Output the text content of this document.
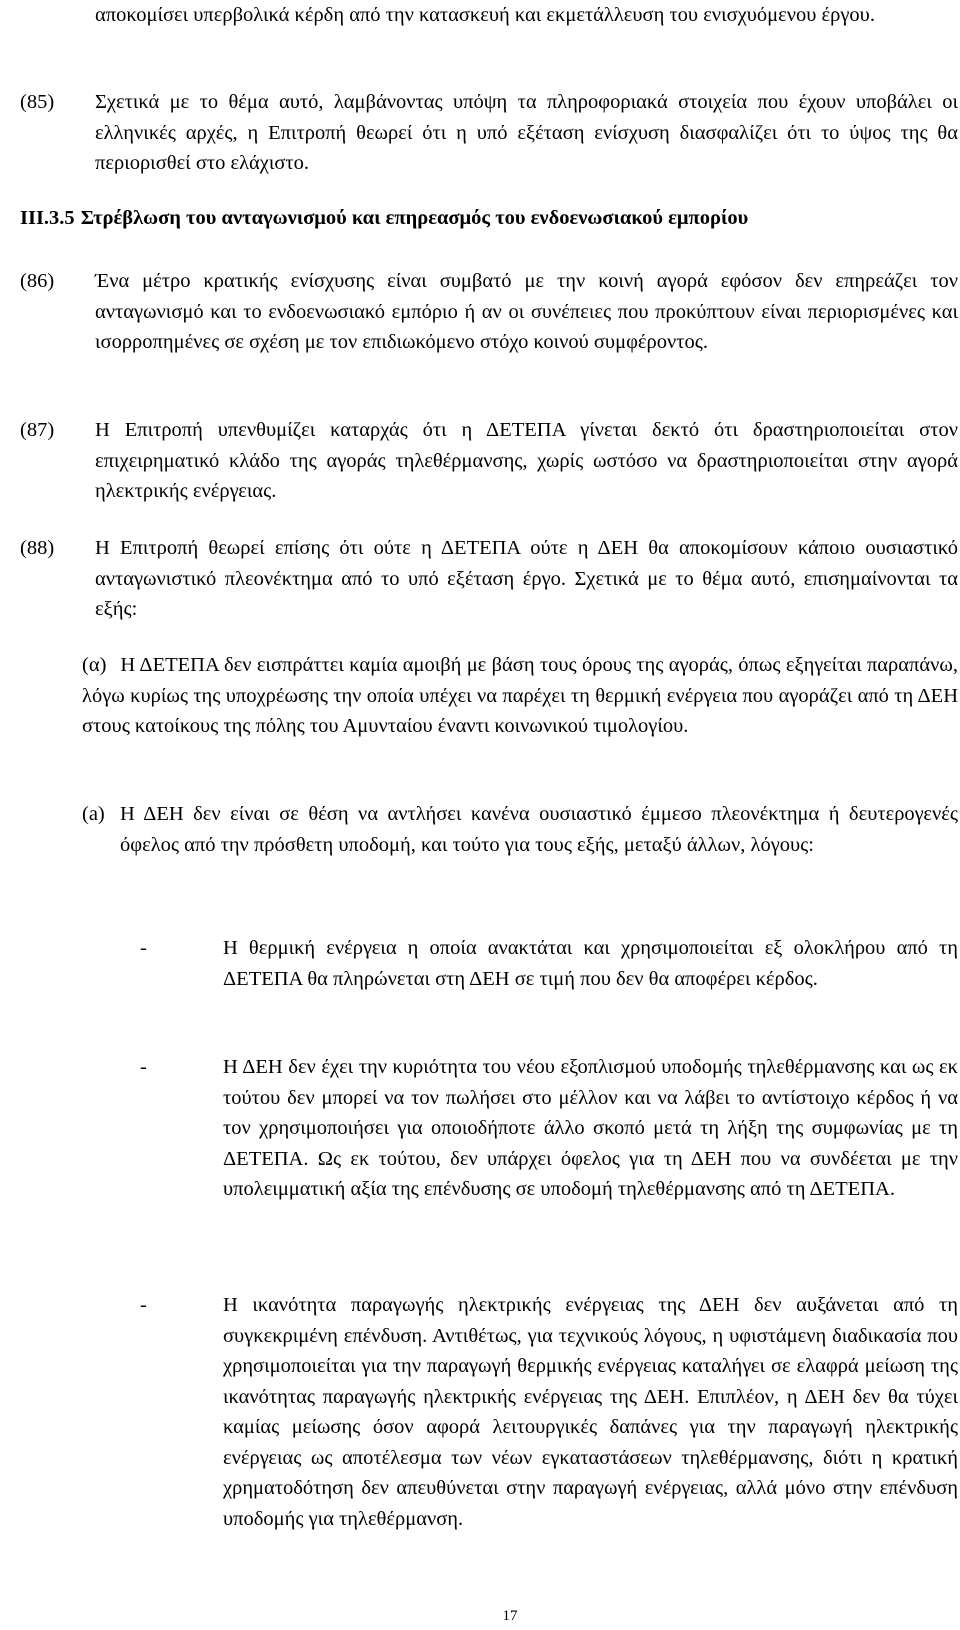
αποκομίσει υπερβολικά κέρδη από την κατασκευή και εκμετάλλευση του ενισχυόμενου έργου.
(85) Σχετικά με το θέμα αυτό, λαμβάνοντας υπόψη τα πληροφοριακά στοιχεία που έχουν υποβάλει οι ελληνικές αρχές, η Επιτροπή θεωρεί ότι η υπό εξέταση ενίσχυση διασφαλίζει ότι το ύψος της θα περιορισθεί στο ελάχιστο.
III.3.5 Στρέβλωση του ανταγωνισμού και επηρεασμός του ενδοενωσιακού εμπορίου
(86) Ένα μέτρο κρατικής ενίσχυσης είναι συμβατό με την κοινή αγορά εφόσον δεν επηρεάζει τον ανταγωνισμό και το ενδοενωσιακό εμπόριο ή αν οι συνέπειες που προκύπτουν είναι περιορισμένες και ισορροπημένες σε σχέση με τον επιδιωκόμενο στόχο κοινού συμφέροντος.
(87) Η Επιτροπή υπενθυμίζει καταρχάς ότι η ΔΕΤΕΠΑ γίνεται δεκτό ότι δραστηριοποιείται στον επιχειρηματικό κλάδο της αγοράς τηλεθέρμανσης, χωρίς ωστόσο να δραστηριοποιείται στην αγορά ηλεκτρικής ενέργειας.
(88) Η Επιτροπή θεωρεί επίσης ότι ούτε η ΔΕΤΕΠΑ ούτε η ΔΕΗ θα αποκομίσουν κάποιο ουσιαστικό ανταγωνιστικό πλεονέκτημα από το υπό εξέταση έργο. Σχετικά με το θέμα αυτό, επισημαίνονται τα εξής:

(α) Η ΔΕΤΕΠΑ δεν εισπράττει καμία αμοιβή με βάση τους όρους της αγοράς, όπως εξηγείται παραπάνω, λόγω κυρίως της υποχρέωσης την οποία υπέχει να παρέχει τη θερμική ενέργεια που αγοράζει από τη ΔΕΗ στους κατοίκους της πόλης του Αμυνταίου έναντι κοινωνικού τιμολογίου.

(a) Η ΔΕΗ δεν είναι σε θέση να αντλήσει κανένα ουσιαστικό έμμεσο πλεονέκτημα ή δευτερογενές όφελος από την πρόσθετη υποδομή, και τούτο για τους εξής, μεταξύ άλλων, λόγους:

-	Η θερμική ενέργεια η οποία ανακτάται και χρησιμοποιείται εξ ολοκλήρου από τη ΔΕΤΕΠΑ θα πληρώνεται στη ΔΕΗ σε τιμή που δεν θα αποφέρει κέρδος.
-	Η ΔΕΗ δεν έχει την κυριότητα του νέου εξοπλισμού υποδομής τηλεθέρμανσης και ως εκ τούτου δεν μπορεί να τον πωλήσει στο μέλλον και να λάβει το αντίστοιχο κέρδος ή να τον χρησιμοποιήσει για οποιοδήποτε άλλο σκοπό μετά τη λήξη της συμφωνίας με τη ΔΕΤΕΠΑ. Ως εκ τούτου, δεν υπάρχει όφελος για τη ΔΕΗ που να συνδέεται με την υπολειμματική αξία της επένδυσης σε υποδομή τηλεθέρμανσης από τη ΔΕΤΕΠΑ.
-	Η ικανότητα παραγωγής ηλεκτρικής ενέργειας της ΔΕΗ δεν αυξάνεται από τη συγκεκριμένη επένδυση. Αντιθέτως, για τεχνικούς λόγους, η υφιστάμενη διαδικασία που χρησιμοποιείται για την παραγωγή θερμικής ενέργειας καταλήγει σε ελαφρά μείωση της ικανότητας παραγωγής ηλεκτρικής ενέργειας της ΔΕΗ. Επιπλέον, η ΔΕΗ δεν θα τύχει καμίας μείωσης όσον αφορά λειτουργικές δαπάνες για την παραγωγή ηλεκτρικής ενέργειας ως αποτέλεσμα των νέων εγκαταστάσεων τηλεθέρμανσης, διότι η κρατική χρηματοδότηση δεν απευθύνεται στην παραγωγή ενέργειας, αλλά μόνο στην επένδυση υποδομής για τηλεθέρμανση.
17
